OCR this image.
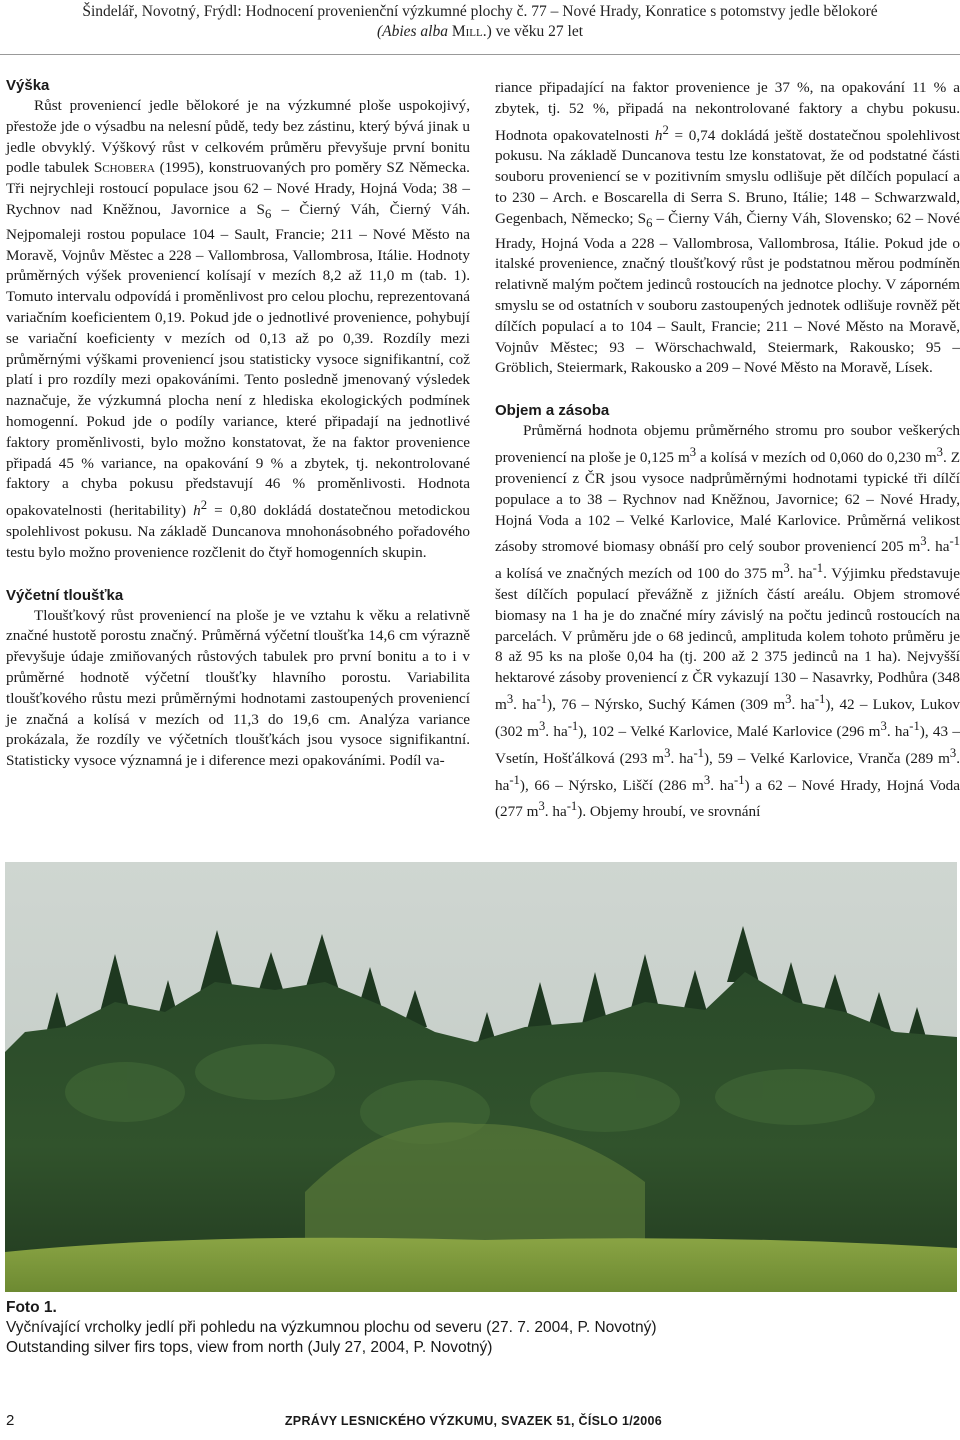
Šindelář, Novotný, Frýdl: Hodnocení provenienční výzkumné plochy č. 77 – Nové Hrady, Konratice s potomstvy jedle bělokoré
(Abies alba Mill.) ve věku 27 let
Výška

Růst proveniencí jedle bělokoré je na výzkumné ploše uspokojivý, přestože jde o výsadbu na nelesní půdě, tedy bez zástinu, který bývá jinak u jedle obvyklý. Výškový růst v celkovém průměru převyšuje první bonitu podle tabulek Schobera (1995), konstruovaných pro poměry SZ Německa. Tři nejrychleji rostoucí populace jsou 62 – Nové Hrady, Hojná Voda; 38 – Rychnov nad Kněžnou, Javornice a $S_6$ – Čierný Váh, Čierný Váh. Nejpomaleji rostou populace 104 – Sault, Francie; 211 – Nové Město na Moravě, Vojnův Městec a 228 – Vallombrosa, Vallombrosa, Itálie. Hodnoty průměrných výšek proveniencí kolísají v mezích 8,2 až 11,0 m (tab. 1). Tomuto intervalu odpovídá i proměnlivost pro celou plochu, reprezentovaná variačním koeficientem 0,19. Pokud jde o jednotlivé provenience, pohybují se variační koeficienty v mezích od 0,13 až po 0,39. Rozdíly mezi průměrnými výškami proveniencí jsou statisticky vysoce signifikantní, což platí i pro rozdíly mezi opakováními. Tento posledně jmenovaný výsledek naznačuje, že výzkumná plocha není z hlediska ekologických podmínek homogenní. Pokud jde o podíly variance, které připadají na jednotlivé faktory proměnlivosti, bylo možno konstatovat, že na faktor provenience připadá 45 % variance, na opakování 9 % a zbytek, tj. nekontrolované faktory a chyba pokusu představují 46 % proměnlivosti. Hodnota opakovatelnosti (heritability) $h^2 = 0,80$ dokládá dostatečnou metodickou spolehlivost pokusu. Na základě Duncanova mnohonásobného pořadového testu bylo možno provenience rozčlenit do čtyř homogenních skupin.

Výčetní tloušťka

Tloušťkový růst proveniencí na ploše je ve vztahu k věku a relativně značné hustotě porostu značný. Průměrná výčetní tloušťka 14,6 cm výrazně převyšuje údaje zmiňovaných růstových tabulek pro první bonitu a to i v průměrné hodnotě výčetní tloušťky hlavního porostu. Variabilita tloušťkového růstu mezi průměrnými hodnotami zastoupených proveniencí je značná a kolísá v mezích od 11,3 do 19,6 cm. Analýza variance prokázala, že rozdíly ve výčetních tloušťkách jsou vysoce signifikantní. Statisticky vysoce významná je i diference mezi opakováními. Podíl va-

riance připadající na faktor provenience je 37 %, na opakování 11 % a zbytek, tj. 52 %, připadá na nekontrolované faktory a chybu pokusu. Hodnota opakovatelnosti $h^2 = 0,74$ dokládá ještě dostatečnou spolehlivost pokusu. Na základě Duncanova testu lze konstatovat, že od podstatné části souboru proveniencí se v pozitivním smyslu odlišuje pět dílčích populací a to 230 – Arch. e Boscarella di Serra S. Bruno, Itálie; 148 – Schwarzwald, Gegenbach, Německo; $S_6$ – Čierny Váh, Čierny Váh, Slovensko; 62 – Nové Hrady, Hojná Voda a 228 – Vallombrosa, Vallombrosa, Itálie. Pokud jde o italské provenience, značný tloušťkový růst je podstatnou měrou podmíněn relativně malým počtem jedinců rostoucích na jednotce plochy. V záporném smyslu se od ostatních v souboru zastoupených jednotek odlišuje rovněž pět dílčích populací a to 104 – Sault, Francie; 211 – Nové Město na Moravě, Vojnův Městec; 93 – Wörschachwald, Steiermark, Rakousko; 95 – Gröblich, Steiermark, Rakousko a 209 – Nové Město na Moravě, Lísek.

Objem a zásoba

Průměrná hodnota objemu průměrného stromu pro soubor veškerých proveniencí na ploše je 0,125 $m^3$ a kolísá v mezích od 0,060 do 0,230 $m^3$. Z proveniencí z ČR jsou vysoce nadprůměrnými hodnotami typické tři dílčí populace a to 38 – Rychnov nad Kněžnou, Javornice; 62 – Nové Hrady, Hojná Voda a 102 – Velké Karlovice, Malé Karlovice. Průměrná velikost zásoby stromové biomasy obnáší pro celý soubor proveniencí 205 $m^3$. $ha^{-1}$ a kolísá ve značných mezích od 100 do 375 $m^3$. $ha^{-1}$. Výjimku představuje šest dílčích populací převážně z jižních částí areálu. Objem stromové biomasy na 1 ha je do značné míry závislý na počtu jedinců rostoucích na parcelách. V průměru jde o 68 jedinců, amplituda kolem tohoto průměru je 8 až 95 ks na ploše 0,04 ha (tj. 200 až 2 375 jedinců na 1 ha). Nejvyšší hektarové zásoby proveniencí z ČR vykazují 130 – Nasavrky, Podhůra (348 $m^3$. $ha^{-1}$), 76 – Nýrsko, Suchý Kámen (309 $m^3$. $ha^{-1}$), 42 – Lukov, Lukov (302 $m^3$. $ha^{-1}$), 102 – Velké Karlovice, Malé Karlovice (296 $m^3$. $ha^{-1}$), 43 – Vsetín, Hošťálková (293 $m^3$. $ha^{-1}$), 59 – Velké Karlovice, Vranča (289 $m^3$. $ha^{-1}$), 66 – Nýrsko, Liščí (286 $m^3$. $ha^{-1}$) a 62 – Nové Hrady, Hojná Voda (277 $m^3$. $ha^{-1}$). Objemy hroubí, ve srovnání

Foto 1.
Vyčnívající vrcholky jedlí při pohledu na výzkumnou plochu od severu (27. 7. 2004, P. Novotný)
Outstanding silver firs tops, view from north (July 27, 2004, P. Novotný)
2	ZPRÁVY LESNICKÉHO VÝZKUMU, SVAZEK 51, ČÍSLO 1/2006
